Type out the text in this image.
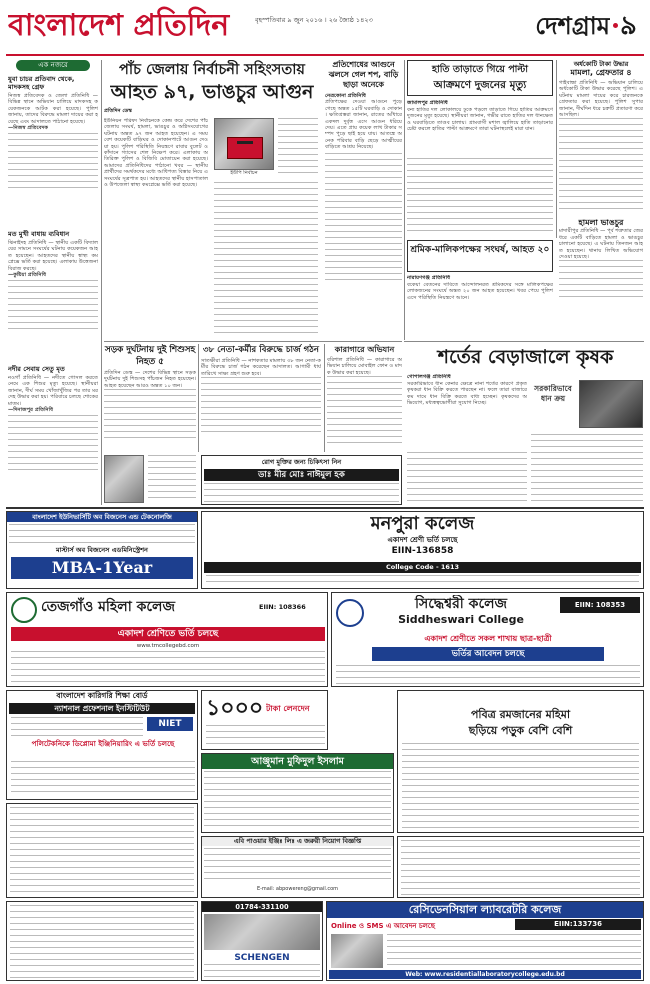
বাংলাদেশ প্রতিদিন	বৃহস্পতিবার ৯ জুন ২০১৬ । ২৬ জ্যৈষ্ঠ ১৪২৩	দেশগ্রাম ৯
এক নজরে
যুবা চাচর প্রতিবাদ থেকে, মাদকসহ গ্রেফ
নিজস্ব প্রতিবেদক ও জেলা প্রতিনিধি — বিভিন্ন স্থানে অভিযান চালিয়ে মাদকসহ কয়েকজনকে আটক করা হয়েছে। পুলিশ জানায়, তাদের বিরুদ্ধে মামলা দায়ের করা হয়েছে এবং আদালতে পাঠানো হয়েছে।
—নিজস্ব প্রতিবেদক
মত মুখী বাধায় ব্যবিধান
ঝিনাইদহ প্রতিনিধি — স্থানীয় একটি বিদ্যালয়ের সামনে সংঘর্ষের ঘটনায় কয়েকজন আহত হয়েছেন। আহতদের স্থানীয় স্বাস্থ্য কমপ্লেক্সে ভর্তি করা হয়েছে। এলাকায় উত্তেজনা বিরাজ করছে।
—কুষ্টিয়া প্রতিনিধি
নদীর সেবায় সেতু মৃত
নওগাঁ প্রতিনিধি — নদীতে গোসল করতে নেমে এক শিশুর মৃত্যু হয়েছে। স্থানীয়রা জানান, দীর্ঘ সময় খোঁজাখুঁজির পর তার মরদেহ উদ্ধার করা হয়। পরিবারে চলছে শোকের মাতম।
—দিনাজপুর প্রতিনিধি
পাঁচ জেলায় নির্বাচনী সহিংসতায়
আহত ৯৭, ভাঙচুর আগুন
প্রতিদিন ডেস্ক
ইউনিয়ন পরিষদ নির্বাচনকে কেন্দ্র করে দেশের পাঁচ জেলায় সংঘর্ষ, হামলা, ভাঙচুর ও অগ্নিসংযোগের ঘটনায় অন্তত ৯৭ জন আহত হয়েছেন। এ সময় বেশ কয়েকটি বাড়িঘর ও দোকানপাটে আগুন দেওয়া হয়। পুলিশ পরিস্থিতি নিয়ন্ত্রণে রাবার বুলেট ও কাঁদানে গ্যাসের শেল নিক্ষেপ করে। এলাকায় অতিরিক্ত পুলিশ ও বিজিবি মোতায়েন করা হয়েছে। আমাদের প্রতিনিধিদের পাঠানো খবর — স্থানীয় প্রার্থীদের সমর্থকদের মধ্যে আধিপত্য বিস্তার নিয়ে এ সংঘর্ষের সূত্রপাত হয়। আহতদের স্থানীয় হাসপাতাল ও উপজেলা স্বাস্থ্য কমপ্লেক্সে ভর্তি করা হয়েছে।
ইউপি নির্বাচন
প্রতিশোধের আগুনে ঝলসে গেল শপ, বাড়ি ছাড়া অনেকে
নেত্রকোনা প্রতিনিধি
প্রতিপক্ষের দেওয়া আগুনে পুড়ে গেছে অন্তত ১৫টি ঘরবাড়ি ও দোকান। ক্ষতিগ্রস্তরা জানান, রাতের আঁধারে একদল দুর্বৃত্ত এসে আগুন ধরিয়ে দেয়। এতে প্রায় কয়েক লাখ টাকার সম্পদ পুড়ে ছাই হয়ে যায়। আতঙ্কে অনেক পরিবার বাড়ি ছেড়ে আত্মীয়ের বাড়িতে আশ্রয় নিয়েছে।
হাতি তাড়াতে গিয়ে পাল্টা
আক্রমণে দুজনের মৃত্যু
জামালপুর প্রতিনিধি
বন্য হাতির দল লোকালয়ে ঢুকে পড়লে তাড়াতে গিয়ে হাতির আক্রমণে দুজনের মৃত্যু হয়েছে। স্থানীয়রা জানান, গভীর রাতে হাতির দল ধানক্ষেত ও ঘরবাড়িতে তাণ্ডব চালায়। গ্রামবাসী মশাল জ্বালিয়ে হাতি তাড়ানোর চেষ্টা করলে হাতির পাল্টা আক্রমণে তারা ঘটনাস্থলেই মারা যান।
অর্ধকোটি টাকা উদ্ধার
মামলা, গ্রেফতার ৪
গাইবান্ধা প্রতিনিধি — অভিযান চালিয়ে অর্ধকোটি টাকা উদ্ধার করেছে পুলিশ। এ ঘটনায় মামলা দায়ের করে চারজনকে গ্রেফতার করা হয়েছে। পুলিশ সুপার জানান, দীর্ঘদিন ধরে চক্রটি প্রতারণা করে আসছিল।
হামলা ভাঙচুর
মাদারীপুর প্রতিনিধি — পূর্ব শত্রুতার জের ধরে একটি বাড়িতে হামলা ও ভাঙচুর চালানো হয়েছে। এ ঘটনায় তিনজন আহত হয়েছেন। থানায় লিখিত অভিযোগ দেওয়া হয়েছে।
শ্রমিক-মালিকপক্ষের সংঘর্ষ, আহত ২০
নারায়ণগঞ্জ প্রতিনিধি
বকেয়া বেতনের দাবিতে আন্দোলনরত শ্রমিকদের সঙ্গে মালিকপক্ষের লোকজনের সংঘর্ষে অন্তত ২০ জন আহত হয়েছেন। খবর পেয়ে পুলিশ এসে পরিস্থিতি নিয়ন্ত্রণে আনে।
শর্তের বেড়াজালে কৃষক
গোপালগঞ্জ প্রতিনিধি
সরকারিভাবে ধান কেনার ক্ষেত্রে নানা শর্তের কারণে প্রকৃত কৃষকরা ধান বিক্রি করতে পারছেন না। ফলে তারা বাজারে কম দামে ধান বিক্রি করতে বাধ্য হচ্ছেন। কৃষকদের অভিযোগ, মধ্যস্বত্বভোগীরা সুযোগ নিচ্ছে।
সরকারিভাবে ধান ক্রয়
সড়ক দুর্ঘটনায় দুই শিশুসহ নিহত ৫
প্রতিদিন ডেস্ক — দেশের বিভিন্ন স্থানে সড়ক দুর্ঘটনায় দুই শিশুসহ পাঁচজন নিহত হয়েছেন। আহত হয়েছেন আরও অন্তত ১০ জন।
৩৮ নেতা-কর্মীর বিরুদ্ধে চার্জ গঠন
সাতক্ষীরা প্রতিনিধি — নাশকতার মামলায় ৩৮ জন নেতা-কর্মীর বিরুদ্ধে চার্জ গঠন করেছেন আদালত। আগামী ধার্য তারিখে সাক্ষ্য গ্রহণ শুরু হবে।
কারাগারে অভিযান
বরিশাল প্রতিনিধি — কারাগারে অভিযান চালিয়ে মোবাইল ফোন ও মাদক উদ্ধার করা হয়েছে।
রোগ মুক্তির জন্য চিকিৎসা নিন
ডাঃ মীর মোঃ নাঈমুল হক
বাংলাদেশ ইউনিভার্সিটি অব বিজনেস এন্ড টেকনোলজি
মাস্টার্স অব বিজনেস এডমিনিস্ট্রেশন
MBA-1Year
মনপুরা কলেজ
একাদশ শ্রেণী ভর্তি চলছে
EIIN-136858
College Code - 1613
তেজগাঁও মহিলা কলেজ	EIIN: 108366
একাদশ শ্রেণিতে ভর্তি চলছে
www.tmcollegebd.com
সিদ্ধেশ্বরী কলেজ
Siddheswari College
EIIN: 108353
একাদশ শ্রেণীতে সকল শাখায় ছাত্র-ছাত্রী
ভর্তির আবেদন চলছে
১০০০ টাকা লেনদেন
বাংলাদেশ কারিগরি শিক্ষা বোর্ড
ন্যাশনাল প্রফেশনাল ইনস্টিটিউট
NIET
পলিটেকনিকে ডিপ্লোমা ইঞ্জিনিয়ারিং এ ভর্তি চলছে
আঞ্জুমান মুফিদুল ইসলাম
পবিত্র রমজানের মহিমা
ছড়িয়ে পড়ুক বেশি বেশি
এবি পাওয়ার ইঞ্জিঃ লিঃ এ জরুরী নিয়োগ বিজ্ঞপ্তি
E-mail: abpowereng@gmail.com
01784-331100
SCHENGEN
রেসিডেনসিয়াল ল্যাবরেটরি কলেজ
Online ও SMS এ আবেদন চলছে	EIIN:133736
Web: www.residentiallaboratorycollege.edu.bd
